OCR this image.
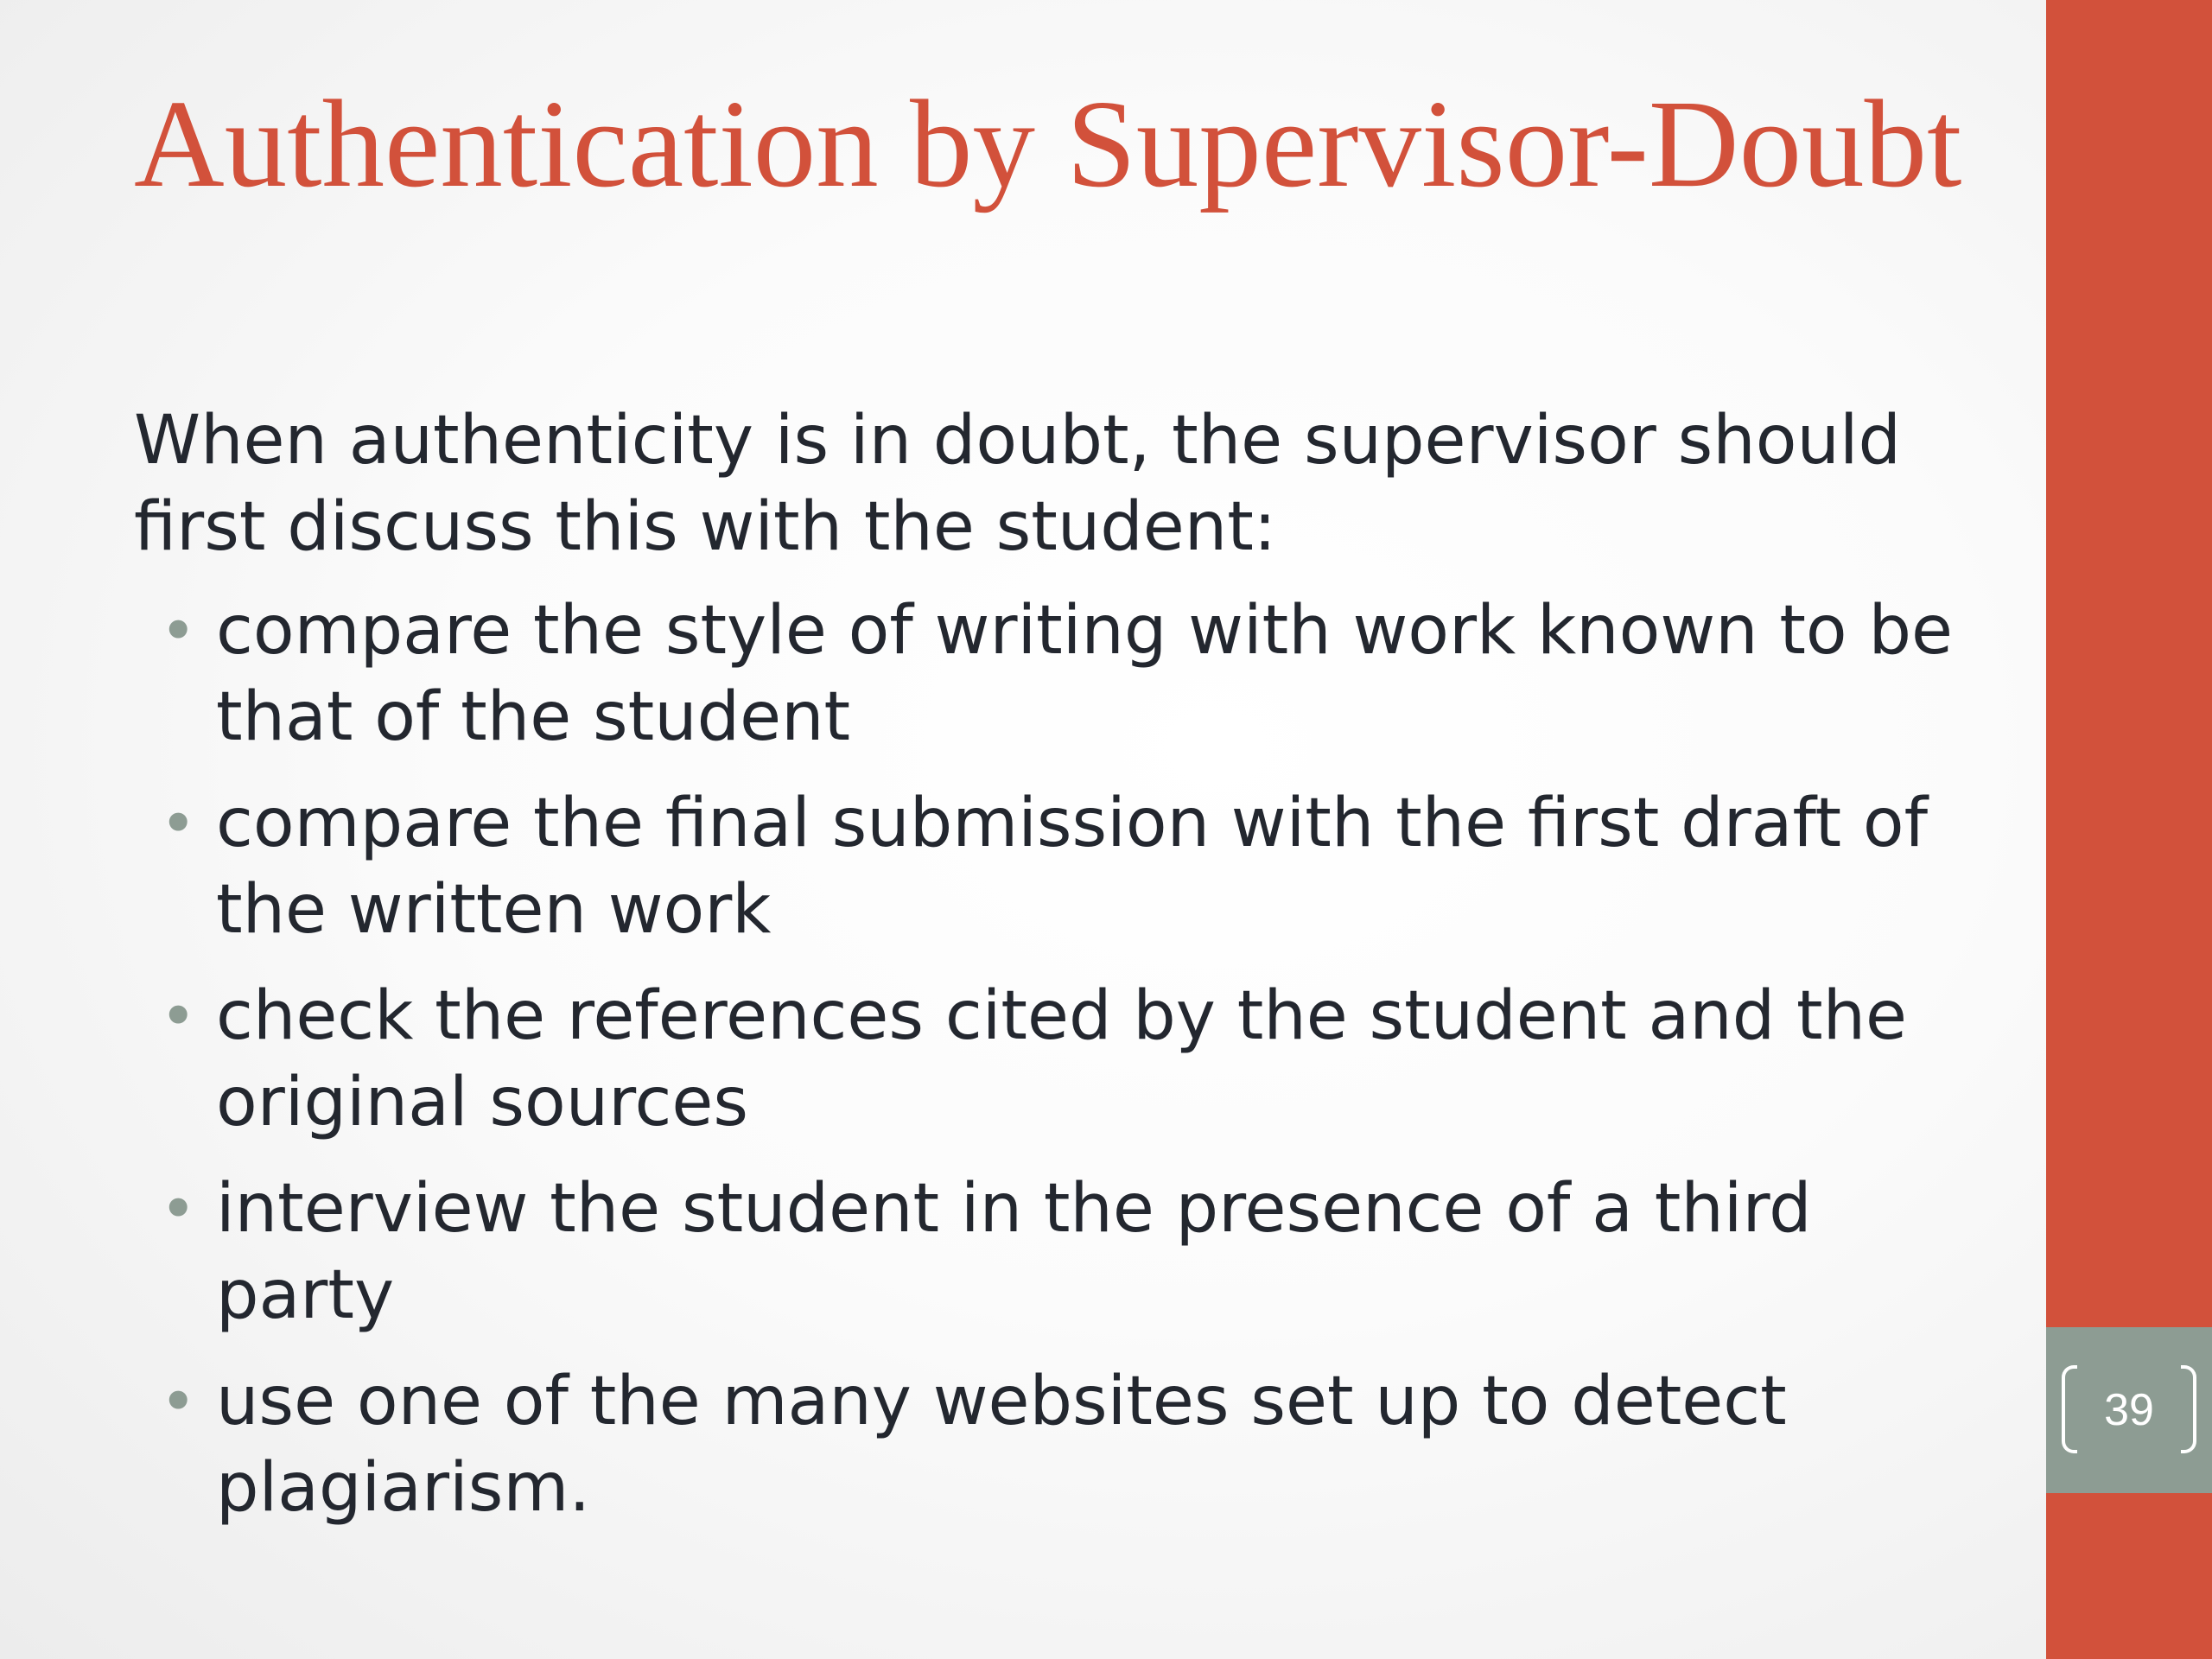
Authentication by Supervisor-Doubt

When authenticity is in doubt, the supervisor should first discuss this with the student:

• compare the style of writing with work known to be that of the student
• compare the final submission with the first draft of the written work
• check the references cited by the student and the original sources
• interview the student in the presence of a third party
• use one of the many websites set up to detect plagiarism.
39
